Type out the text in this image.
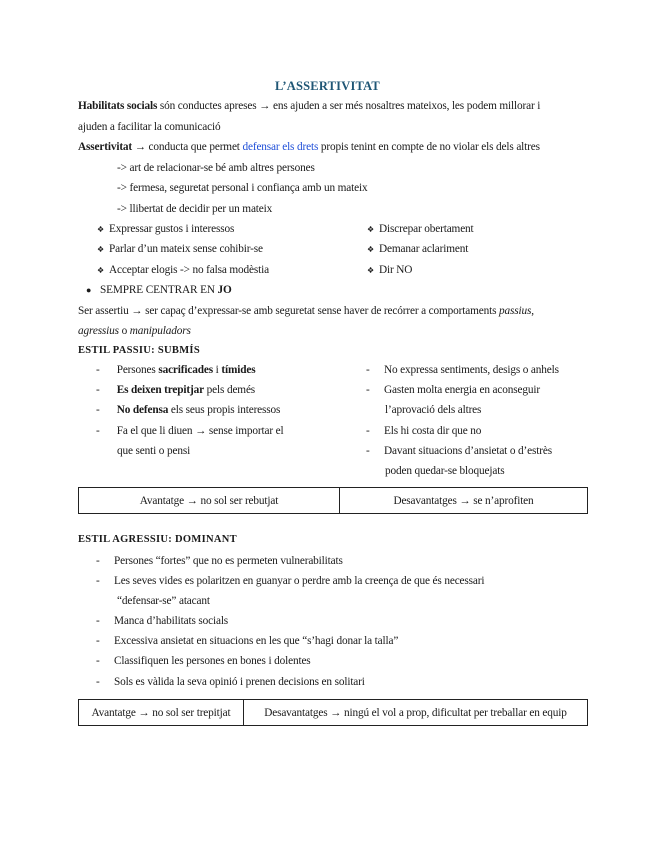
L’ASSERTIVITAT
Habilitats socials són conductes apreses → ens ajuden a ser més nosaltres mateixos, les podem millorar i
ajuden a facilitar la comunicació
Assertivitat → conducta que permet defensar els drets propis tenint en compte de no violar els dels altres
-> art de relacionar-se bé amb altres persones
-> fermesa, seguretat personal i confiança amb un mateix
-> llibertat de decidir per un mateix
❖ Expressar gustos i interessos
❖ Parlar d’un mateix sense cohibir-se
❖ Acceptar elogis -> no falsa modèstia
❖ Discrepar obertament
❖ Demanar aclariment
❖ Dir NO
● SEMPRE CENTRAR EN JO
Ser assertiu → ser capaç d’expressar-se amb seguretat sense haver de recórrer a comportaments passius,
agressius o manipuladors
ESTIL PASSIU: SUBMÍS
- Persones sacrificades i tímides
- Es deixen trepitjar pels demés
- No defensa els seus propis interessos
- Fa el que li diuen → sense importar el
que senti o pensi
- No expressa sentiments, desigs o anhels
- Gasten molta energia en aconseguir
l’aprovació dels altres
- Els hi costa dir que no
- Davant situacions d’ansietat o d’estrès
poden quedar-se bloquejats
Avantatge → no sol ser rebutjat	Desavantatges → se n’aprofiten
ESTIL AGRESSIU: DOMINANT
- Persones “fortes” que no es permeten vulnerabilitats
- Les seves vides es polaritzen en guanyar o perdre amb la creença de que és necessari
“defensar-se” atacant
- Manca d’habilitats socials
- Excessiva ansietat en situacions en les que “s’hagi donar la talla”
- Classifiquen les persones en bones i dolentes
- Sols es vàlida la seva opinió i prenen decisions en solitari
Avantatge → no sol ser trepitjat	Desavantatges → ningú el vol a prop, dificultat per treballar en equip
